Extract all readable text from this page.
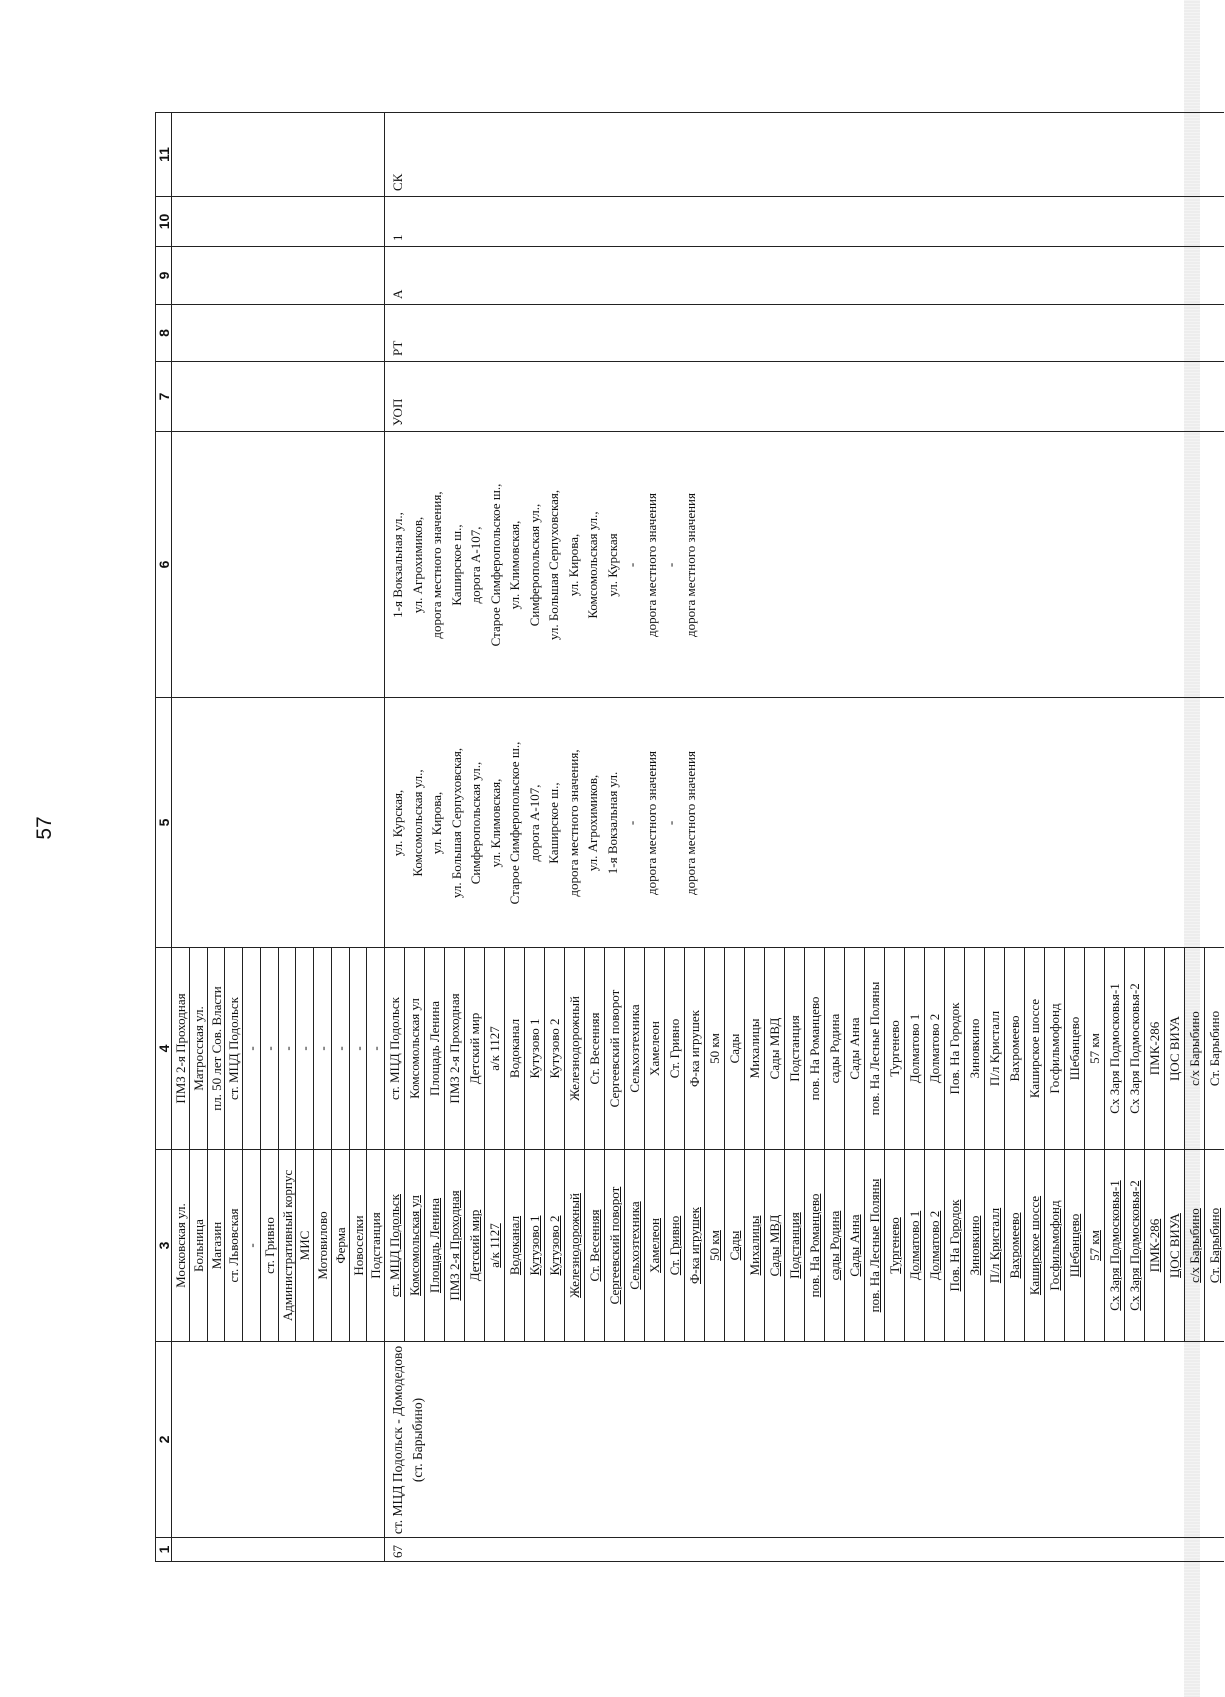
57
1
2
3
4
5
6
7
8
9
10
11
Московская ул. Больница Магазин ст. Львовская - ст. Гривно Административный корпус МИС Мотовилово Ферма Новоселки Подстанция
ПМЗ 2-я Проходная Матросская ул. пл. 50 лет Сов. Власти ст. МЦД Подольск - - - - - - - -
ст. МЦД Подольск Комсомольская ул Площадь Ленина ПМЗ 2-я Проходная Детский мир а/к 1127 Водоканал Кутузово 1 Кутузово 2 Железнодорожный Ст. Весенняя Сергеевский поворот Сельхозтехника Хамелеон Ст. Гривно Ф-ка игрушек 50 км Сады Михалицы Сады МВД Подстанция пов. На Романцево сады Родина Сады Анна пов. На Лесные Поляны Тургенево Долматово 1 Долматово 2 Пов. На Городок Зиновкино П/л Кристалл Вахромеево Каширское шоссе Госфильмофонд Шебанцево 57 км Сх Заря Подмосковья-1 Сх Заря Подмосковья-2 ПМК-286 ЦОС ВИУА с/х Барыбино Ст. Барыбино
ст. МЦД Подольск Комсомольская ул Площадь Ленина ПМЗ 2-я Проходная Детский мир а/к 1127 Водоканал Кутузово 1 Кутузово 2 Железнодорожный Ст. Весенняя Сергеевский поворот Сельхозтехника Хамелеон Ст. Гривно Ф-ка игрушек 50 км Сады Михалицы Сады МВД Подстанция пов. На Романцево сады Родина Сады Анна пов. На Лесные Поляны Тургенево Долматово 1 Долматово 2 Пов. На Городок Зиновкино П/л Кристалл Вахромеево Каширское шоссе Госфильмофонд Шебанцево 57 км Сх Заря Подмосковья-1 Сх Заря Подмосковья-2 ПМК-286 ЦОС ВИУА с/х Барыбино Ст. Барыбино
67
ст. МЦД Подольск - Домодедово (ст. Барыбино)
ул. Курская, Комсомольская ул., ул. Кирова, ул. Большая Серпуховская, Симферопольская ул., ул. Климовская, Старое Симферопольское ш., дорога А-107, Каширское ш., дорога местного значения, ул. Агрохимиков, 1-я Вокзальная ул. - дорога местного значения - дорога местного значения
1-я Вокзальная ул., ул. Агрохимиков, дорога местного значения, Каширское ш., дорога А-107, Старое Симферопольское ш., ул. Климовская, Симферопольская ул., ул. Большая Серпуховская, ул. Кирова, Комсомольская ул., ул. Курская - дорога местного значения - дорога местного значения
УОП
РТ
А
1
СК
